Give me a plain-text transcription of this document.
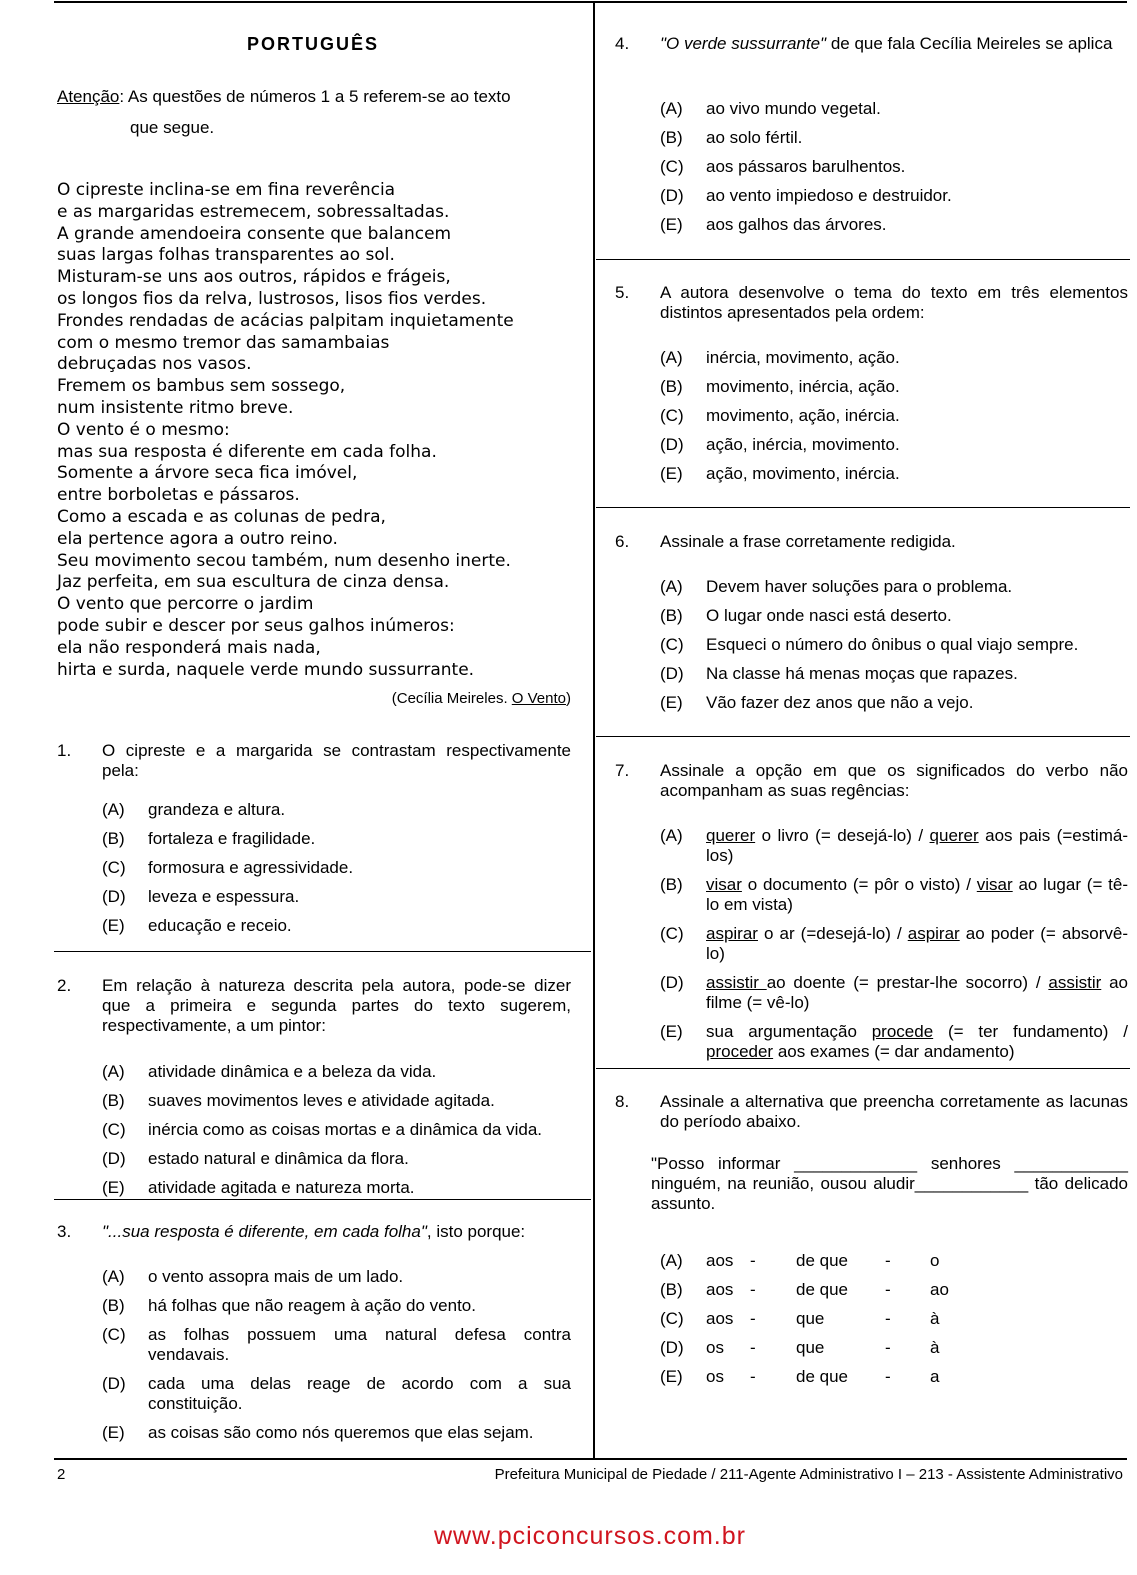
PORTUGUÊS
Atenção: As questões de números 1 a 5 referem-se ao texto
que segue.
O cipreste inclina-se em fina reverência
e as margaridas estremecem, sobressaltadas.
A grande amendoeira consente que balancem
suas largas folhas transparentes ao sol.
Misturam-se uns aos outros, rápidos e frágeis,
os longos fios da relva, lustrosos, lisos fios verdes.
Frondes rendadas de acácias palpitam inquietamente
com o mesmo tremor das samambaias
debruçadas nos vasos.
Fremem os bambus sem sossego,
num insistente ritmo breve.
O vento é o mesmo:
mas sua resposta é diferente em cada folha.
Somente a árvore seca fica imóvel,
entre borboletas e pássaros.
Como a escada e as colunas de pedra,
ela pertence agora a outro reino.
Seu movimento secou também, num desenho inerte.
Jaz perfeita, em sua escultura de cinza densa.
O vento que percorre o jardim
pode subir e descer por seus galhos inúmeros:
ela não responderá mais nada,
hirta e surda, naquele verde mundo sussurrante.
(Cecília Meireles. O Vento)
1. O cipreste e a margarida se contrastam respectivamente pela:
(A) grandeza e altura.
(B) fortaleza e fragilidade.
(C) formosura e agressividade.
(D) leveza e espessura.
(E) educação e receio.
2. Em relação à natureza descrita pela autora, pode-se dizer que a primeira e segunda partes do texto sugerem, respectivamente, a um pintor:
(A) atividade dinâmica e a beleza da vida.
(B) suaves movimentos leves e atividade agitada.
(C) inércia como as coisas mortas e a dinâmica da vida.
(D) estado natural e dinâmica da flora.
(E) atividade agitada e natureza morta.
3. "...sua resposta é diferente, em cada folha", isto porque:
(A) o vento assopra mais de um lado.
(B) há folhas que não reagem à ação do vento.
(C) as folhas possuem uma natural defesa contra vendavais.
(D) cada uma delas reage de acordo com a sua constituição.
(E) as coisas são como nós queremos que elas sejam.
4. "O verde sussurrante" de que fala Cecília Meireles se aplica
(A) ao vivo mundo vegetal.
(B) ao solo fértil.
(C) aos pássaros barulhentos.
(D) ao vento impiedoso e destruidor.
(E) aos galhos das árvores.
5. A autora desenvolve o tema do texto em três elementos distintos apresentados pela ordem:
(A) inércia, movimento, ação.
(B) movimento, inércia, ação.
(C) movimento, ação, inércia.
(D) ação, inércia, movimento.
(E) ação, movimento, inércia.
6. Assinale a frase corretamente redigida.
(A) Devem haver soluções para o problema.
(B) O lugar onde nasci está deserto.
(C) Esqueci o número do ônibus o qual viajo sempre.
(D) Na classe há menas moças que rapazes.
(E) Vão fazer dez anos que não a vejo.
7. Assinale a opção em que os significados do verbo não acompanham as suas regências:
(A) querer o livro (= desejá-lo) / querer aos pais (=estimá-los)
(B) visar o documento (= pôr o visto) / visar ao lugar (= tê-lo em vista)
(C) aspirar o ar (=desejá-lo) / aspirar ao poder (= absorvê-lo)
(D) assistir ao doente (= prestar-lhe socorro) / assistir ao filme (= vê-lo)
(E) sua argumentação procede (= ter fundamento) / proceder aos exames (= dar andamento)
8. Assinale a alternativa que preencha corretamente as lacunas do período abaixo.
"Posso informar _____________ senhores ____________ ninguém, na reunião, ousou aludir____________ tão delicado assunto.
(A) aos - de que - o
(B) aos - de que - ao
(C) aos - que	- à
(D) os - que	- à
(E) os - de que - a
2	Prefeitura Municipal de Piedade / 211-Agente Administrativo I – 213 - Assistente Administrativo
www.pciconcursos.com.br
